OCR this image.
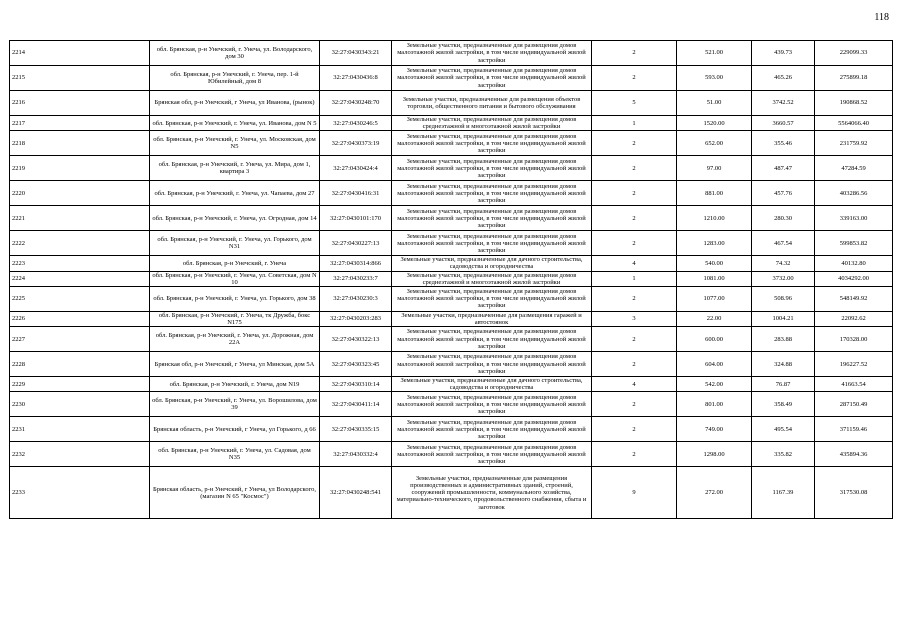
118
2214	обл. Брянская, р-н Унечский, г. Унеча, ул. Володарского, дом 30	32:27:0430343:21	Земельные участки, предназначенные для размещения домов малоэтажной жилой застройки, в том числе индивидуальной жилой застройки	2	521.00	439.73	229099.33
2215	обл. Брянская, р-н Унечский, г. Унеча, пер. 1-й Юбилейный, дом 8	32:27:0430436:8	Земельные участки, предназначенные для размещения домов малоэтажной жилой застройки, в том числе индивидуальной жилой застройки	2	593.00	465.26	275899.18
2216	Брянская обл, р-н Унечский, г Унеча, ул Иванова, (рынок)	32:27:0430248:70	Земельные участки, предназначенные для размещения объектов торговли, общественного питания и бытового обслуживания	5	51.00	3742.52	190868.52
2217	обл. Брянская, р-н Унечский, г. Унеча, ул. Иванова, дом N 5	32:27:0430246:5	Земельные участки, предназначенные для размещения домов среднеэтажной и многоэтажной жилой застройки	1	1520.00	3660.57	5564066.40
2218	обл. Брянская, р-н Унечский, г. Унеча, ул. Московская, дом N5	32:27:0430373:19	Земельные участки, предназначенные для размещения домов малоэтажной жилой застройки, в том числе индивидуальной жилой застройки	2	652.00	355.46	231759.92
2219	обл. Брянская, р-н Унечский, г. Унеча, ул. Мира, дом 1, квартира 3	32:27:0430424:4	Земельные участки, предназначенные для размещения домов малоэтажной жилой застройки, в том числе индивидуальной жилой застройки	2	97.00	487.47	47284.59
2220	обл. Брянская, р-н Унечский, г. Унеча, ул. Чапаева, дом 27	32:27:0430416:31	Земельные участки, предназначенные для размещения домов малоэтажной жилой застройки, в том числе индивидуальной жилой застройки	2	881.00	457.76	403286.56
2221	обл. Брянская, р-н Унечский, г. Унеча, ул. Огродная, дом 14	32:27:0430101:170	Земельные участки, предназначенные для размещения домов малоэтажной жилой застройки, в том числе индивидуальной жилой застройки	2	1210.00	280.30	339163.00
2222	обл. Брянская, р-н Унечский, г. Унеча, ул. Горького, дом N31	32:27:0430227:13	Земельные участки, предназначенные для размещения домов малоэтажной жилой застройки, в том числе индивидуальной жилой застройки	2	1283.00	467.54	599853.82
2223	обл. Брянская, р-н Унечский, г. Унеча	32:27:0430314:866	Земельные участки, предназначенные для дачного строительства, садоводства и огородничества	4	540.00	74.32	40132.80
2224	обл. Брянская, р-н Унечский, г. Унеча, ул. Советская, дом N 10	32:27:0430233:7	Земельные участки, предназначенные для размещения домов среднеэтажной и многоэтажной жилой застройки	1	1081.00	3732.00	4034292.00
2225	обл. Брянская, р-н Унечский, г. Унеча, ул. Горького, дом 38	32:27:0430230:3	Земельные участки, предназначенные для размещения домов малоэтажной жилой застройки, в том числе индивидуальной жилой застройки	2	1077.00	508.96	548149.92
2226	обл. Брянская, р-н Унечский, г. Унеча, тк Дружба, бокс N175	32:27:0430203:283	Земельные участки, предназначенные для размещения гаражей и автостоянок	3	22.00	1004.21	22092.62
2227	обл. Брянская, р-н Унечский, г. Унеча, ул. Дорожная, дом 22А	32:27:0430322:13	Земельные участки, предназначенные для размещения домов малоэтажной жилой застройки, в том числе индивидуальной жилой застройки	2	600.00	283.88	170328.00
2228	Брянская обл, р-н Унечский, г Унеча, ул Минская, дом 5А	32:27:0430323:45	Земельные участки, предназначенные для размещения домов малоэтажной жилой застройки, в том числе индивидуальной жилой застройки	2	604.00	324.88	196227.52
2229	обл. Брянская, р-н Унечский, г. Унеча, дом N19	32:27:0430310:14	Земельные участки, предназначенные для дачного строительства, садоводства и огородничества	4	542.00	76.87	41663.54
2230	обл. Брянская, р-н Унечский, г. Унеча, ул. Ворошилова, дом 39	32:27:0430411:14	Земельные участки, предназначенные для размещения домов малоэтажной жилой застройки, в том числе индивидуальной жилой застройки	2	801.00	358.49	287150.49
2231	Брянская область, р-н Унечский, г Унеча, ул Горького, д 66	32:27:0430335:15	Земельные участки, предназначенные для размещения домов малоэтажной жилой застройки, в том числе индивидуальной жилой застройки	2	749.00	495.54	371159.46
2232	обл. Брянская, р-н Унечский, г. Унеча, ул. Садовая, дом N35	32:27:0430332:4	Земельные участки, предназначенные для размещения домов малоэтажной жилой застройки, в том числе индивидуальной жилой застройки	2	1298.00	335.82	435894.36
2233	Брянская область, р-н Унечский, г Унеча, ул Володарского, (магазин N 65 "Космос")	32:27:0430248:541	Земельные участки, предназначенные для размещения производственных и административных зданий, строений, сооружений промышленности, коммунального хозяйства, материально-технического, продовольственного снабжения, сбыта и заготовок	9	272.00	1167.39	317530.08
